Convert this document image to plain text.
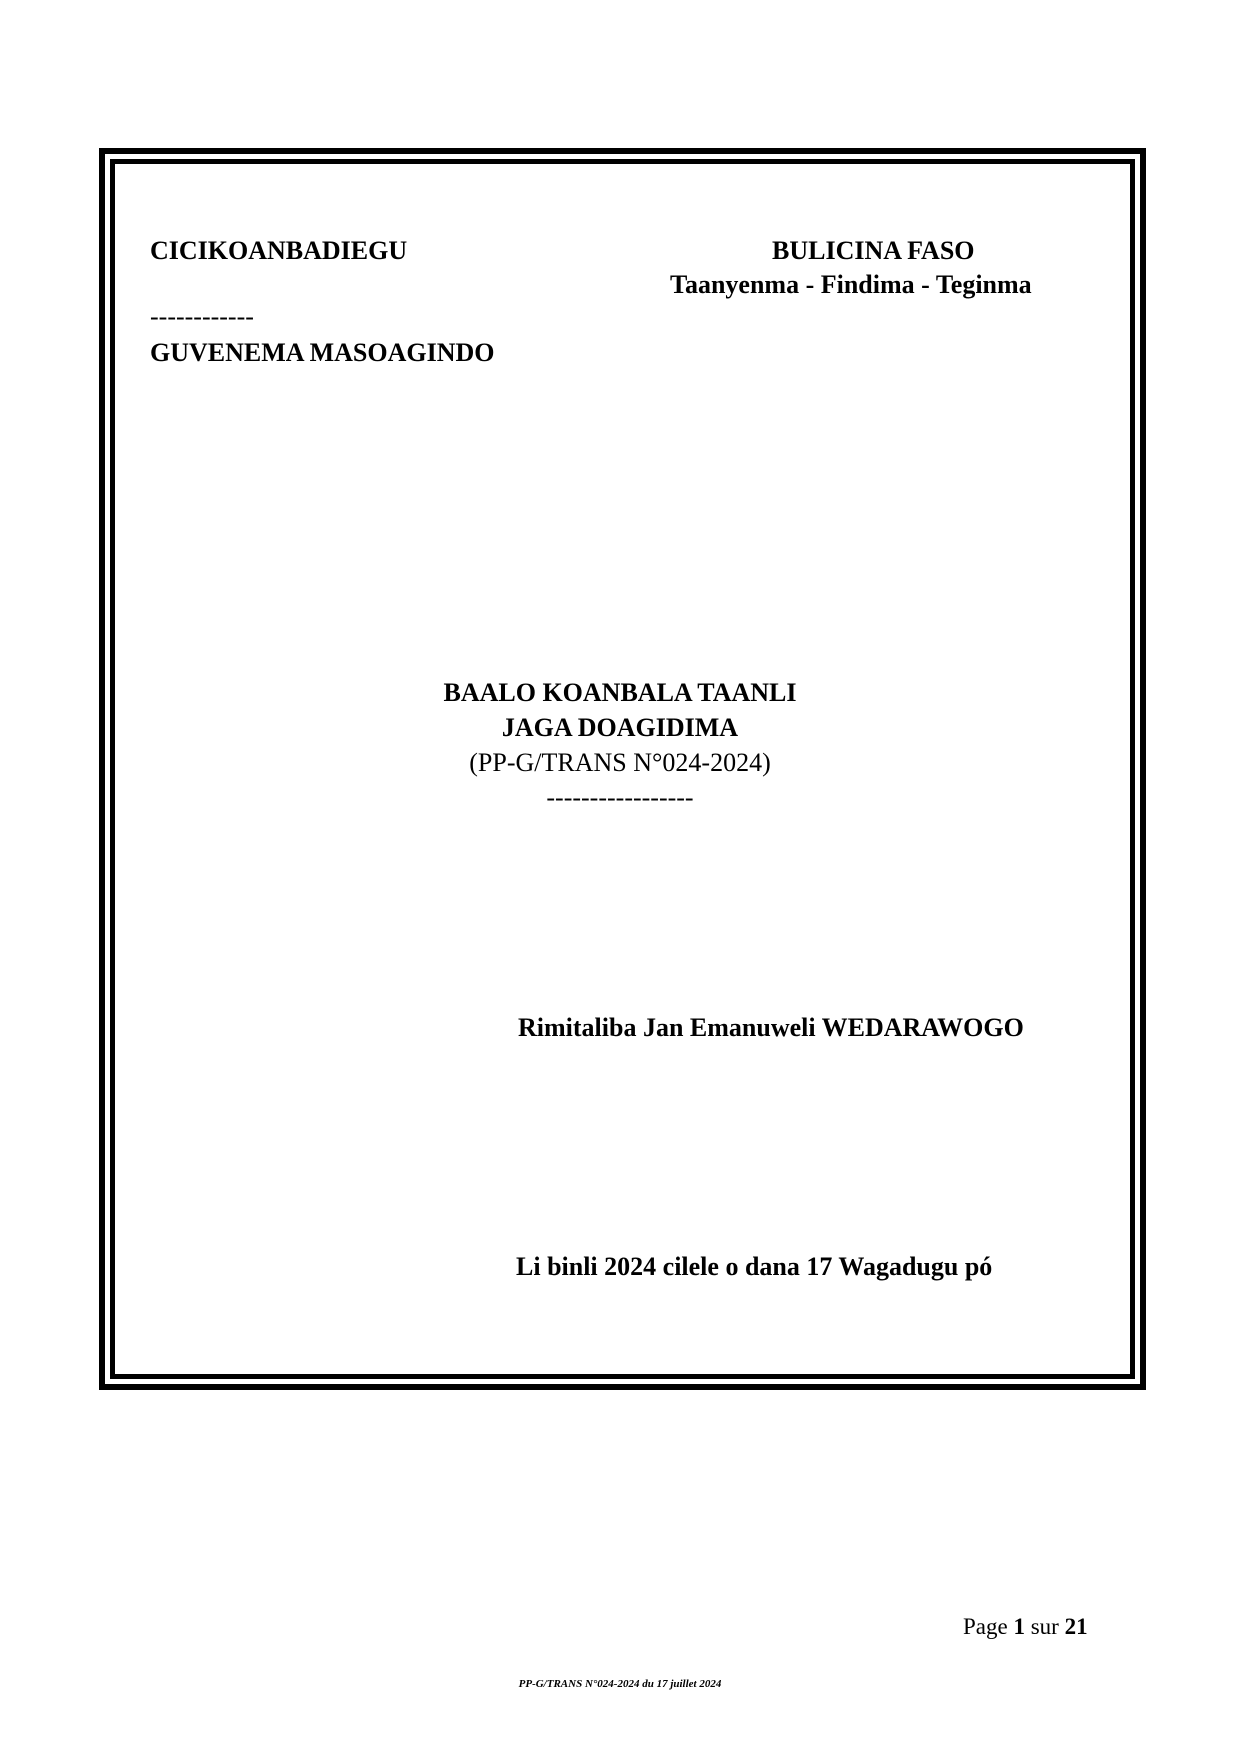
CICIKOANBADIEGU
------------
GUVENEMA MASOAGINDO
BULICINA FASO
Taanyenma - Findima - Teginma
BAALO KOANBALA TAANLI
JAGA DOAGIDIMA
(PP-G/TRANS N°024-2024)
-----------------
Rimitaliba Jan Emanuweli WEDARAWOGO
Li binli 2024 cilele o dana 17 Wagadugu pó
Page 1 sur 21
PP-G/TRANS N°024-2024 du 17 juillet 2024
